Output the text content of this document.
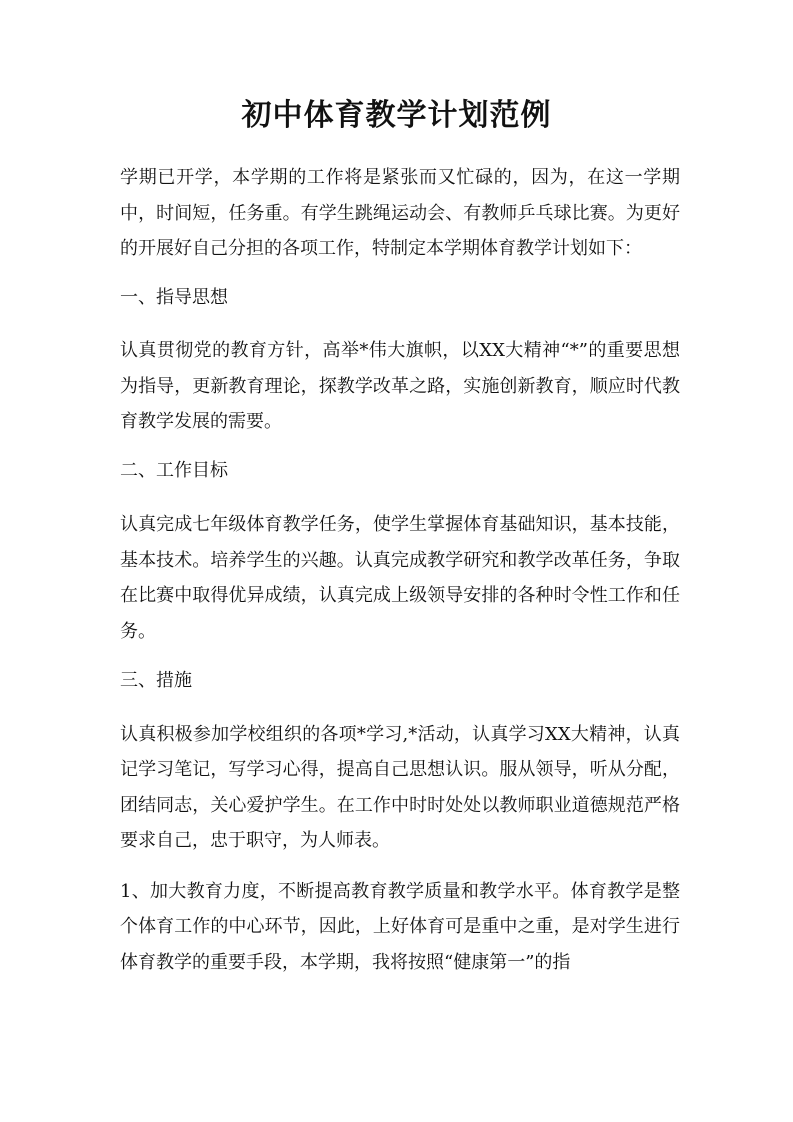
初中体育教学计划范例

学期已开学，本学期的工作将是紧张而又忙碌的，因为，在这一学期中，时间短，任务重。有学生跳绳运动会、有教师乒乓球比赛。为更好的开展好自己分担的各项工作，特制定本学期体育教学计划如下：

一、指导思想

认真贯彻党的教育方针，高举*伟大旗帜，以XX大精神“*”的重要思想为指导，更新教育理论，探教学改革之路，实施创新教育，顺应时代教育教学发展的需要。

二、工作目标

认真完成七年级体育教学任务，使学生掌握体育基础知识，基本技能，基本技术。培养学生的兴趣。认真完成教学研究和教学改革任务，争取在比赛中取得优异成绩，认真完成上级领导安排的各种时令性工作和任务。

三、措施

认真积极参加学校组织的各项*学习,*活动，认真学习XX大精神，认真记学习笔记，写学习心得，提高自己思想认识。服从领导，听从分配，团结同志，关心爱护学生。在工作中时时处处以教师职业道德规范严格要求自己，忠于职守，为人师表。

1、加大教育力度，不断提高教育教学质量和教学水平。体育教学是整个体育工作的中心环节，因此，上好体育可是重中之重，是对学生进行体育教学的重要手段，本学期，我将按照“健康第一”的指
